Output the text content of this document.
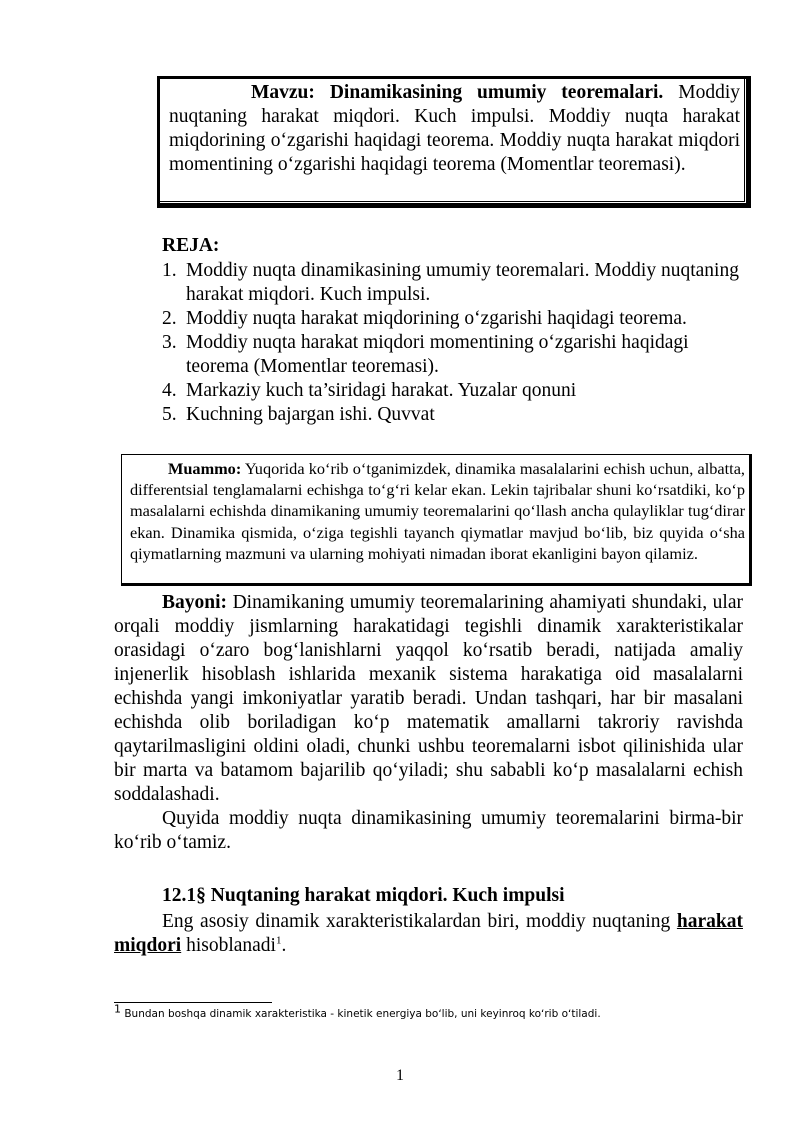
Mavzu: Dinamikasining umumiy teoremalari. Moddiy nuqtaning harakat miqdori. Kuch impulsi. Moddiy nuqta harakat miqdorining oʻzgarishi haqidagi teorema. Moddiy nuqta harakat miqdori momentining oʻzgarishi haqidagi teorema (Momentlar teoremasi).
REJA:
1. Moddiy nuqta dinamikasining umumiy teoremalari. Moddiy nuqtaning harakat miqdori. Kuch impulsi.
2. Moddiy nuqta harakat miqdorining oʻzgarishi haqidagi teorema.
3. Moddiy nuqta harakat miqdori momentining oʻzgarishi haqidagi teorema (Momentlar teoremasi).
4. Markaziy kuch ta’siridagi harakat. Yuzalar qonuni
5. Kuchning bajargan ishi. Quvvat
Muammo: Yuqorida koʻrib oʻtganimizdek, dinamika masalalarini echish uchun, albatta, differentsial tenglamalarni echishga toʻgʻri kelar ekan. Lekin tajribalar shuni koʻrsatdiki, koʻp masalalarni echishda dinamikaning umumiy teoremalarini qoʻllash ancha qulayliklar tugʻdirar ekan. Dinamika qismida, oʻziga tegishli tayanch qiymatlar mavjud boʻlib, biz quyida oʻsha qiymatlarning mazmuni va ularning mohiyati nimadan iborat ekanligini bayon qilamiz.

Bayoni: Dinamikaning umumiy teoremalarining ahamiyati shundaki, ular orqali moddiy jismlarning harakatidagi tegishli dinamik xarakteristikalar orasidagi oʻzaro bogʻlanishlarni yaqqol koʻrsatib beradi, natijada amaliy injenerlik hisoblash ishlarida mexanik sistema harakatiga oid masalalarni echishda yangi imkoniyatlar yaratib beradi. Undan tashqari, har bir masalani echishda olib boriladigan koʻp matematik amallarni takroriy ravishda qaytarilmasligini oldini oladi, chunki ushbu teoremalarni isbot qilinishida ular bir marta va batamom bajarilib qoʻyiladi; shu sababli koʻp masalalarni echish soddalashadi.

Quyida moddiy nuqta dinamikasining umumiy teoremalarini birma-bir koʻrib oʻtamiz.

12.1§ Nuqtaning harakat miqdori. Kuch impulsi

Eng asosiy dinamik xarakteristikalardan biri, moddiy nuqtaning harakat miqdori hisoblanadi$^1$.

$^1$ Bundan boshqa dinamik xarakteristika - kinetik energiya boʻlib, uni keyinroq koʻrib oʻtiladi.
1
